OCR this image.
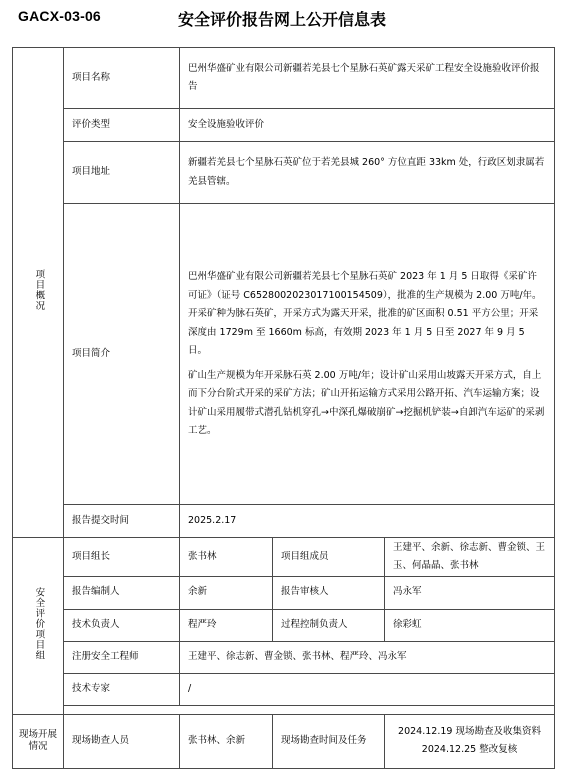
GACX-03-06	安全评价报告网上公开信息表
项目概况	项目名称	巴州华盛矿业有限公司新疆若羌县七个星脉石英矿露天采矿工程安全设施验收评价报告		
	评价类型	安全设施验收评价		
	项目地址	新疆若羌县七个星脉石英矿位于若羌县城 260° 方位直距 33km 处，行政区划隶属若羌县管辖。		
	项目简介	巴州华盛矿业有限公司新疆若羌县七个星脉石英矿 2023 年 1 月 5 日取得《采矿许可证》（证号 C6528002023017100154509），批准的生产规模为 2.00 万吨/年。开采矿种为脉石英矿，开采方式为露天开采，批准的矿区面积 0.51 平方公里；开采深度由 1729m 至 1660m 标高，有效期 2023 年 1 月 5 日至 2027 年 9 月 5 日。

矿山生产规模为年开采脉石英 2.00 万吨/年；设计矿山采用山坡露天开采方式，自上而下分台阶式开采的采矿方法；矿山开拓运输方式采用公路开拓、汽车运输方案；设计矿山采用履带式潜孔钻机穿孔→中深孔爆破崩矿→挖掘机铲装→自卸汽车运矿的采剥工艺。		

	报告提交时间	2025.2.17		
安全评价项目组	项目组长	张书林	项目组成员	王建平、余新、徐志新、曹金锁、王玉、何晶晶、张书林
	报告编制人	余新	报告审核人	冯永军
	技术负责人	程严玲	过程控制负责人	徐彩虹
	注册安全工程师	王建平、徐志新、曹金锁、张书林、程严玲、冯永军		
	技术专家	/		

现场开展情况	现场勘查人员	张书林、余新	现场勘查时间及任务	2024.12.19 现场勘查及收集资料
2024.12.25 整改复核
